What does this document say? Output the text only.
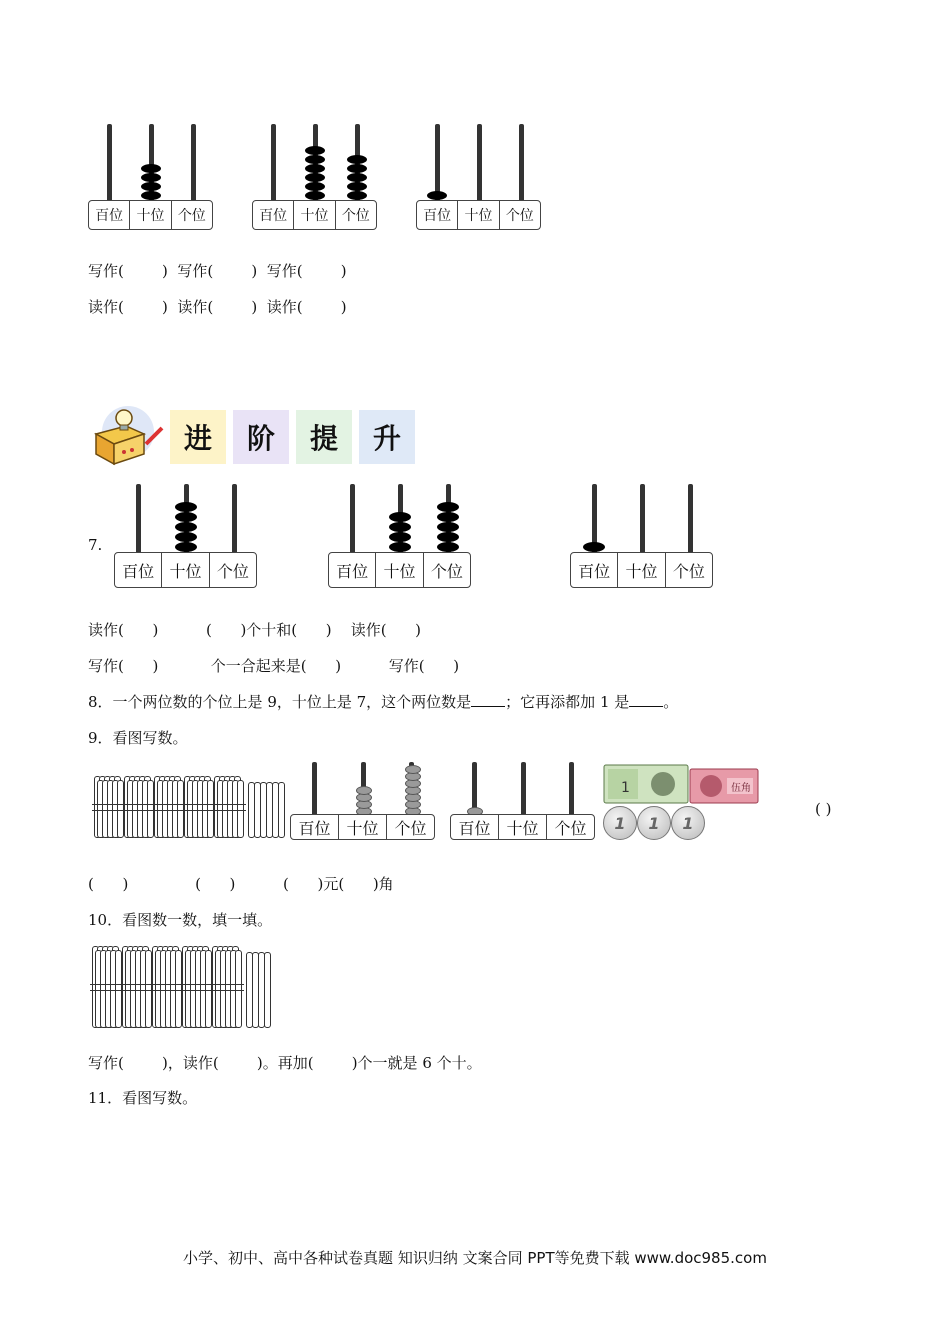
百位 十位 个位	百位 十位 个位	百位 十位 个位
写作(        )  写作(        )  写作(        )
读作(        )  读作(        )  读作(        )
进	阶	提	升
7.
百位 十位 个位	百位 十位 个位	百位 十位 个位
读作(      )          (      )个十和(      )    读作(      )
写作(      )           个一合起来是(      )          写作(      )
8．一个两位数的个位上是 9，十位上是 7，这个两位数是 ；它再添都加 1 是 。
9．看图写数。
百位 十位 个位	百位 十位 个位
1	伍角
1	1	1
( )
(      )              (      )          (      )元(      )角
10．看图数一数，填一填。
写作(        )，读作(        )。再加(        )个一就是 6 个十。
11．看图写数。
小学、初中、高中各种试卷真题 知识归纳 文案合同 PPT等免费下载 www.doc985.com
